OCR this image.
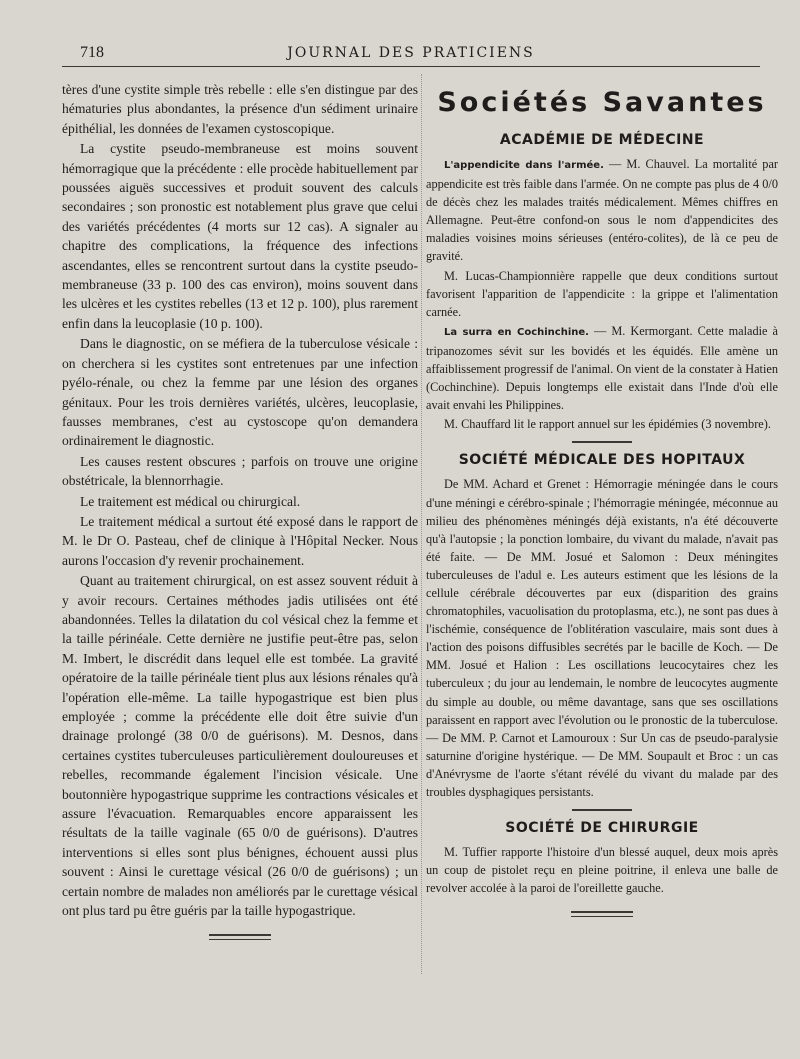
718	JOURNAL DES PRATICIENS

tères d'une cystite simple très rebelle : elle s'en distingue par des hématuries plus abondantes, la présence d'un sédiment urinaire épithélial, les données de l'examen cystoscopique.

La cystite pseudo-membraneuse est moins souvent hémorragique que la précédente : elle procède habituellement par poussées aiguës successives et produit souvent des calculs secondaires ; son pronostic est notablement plus grave que celui des variétés précédentes (4 morts sur 12 cas). A signaler au chapitre des complications, la fréquence des infections ascendantes, elles se rencontrent surtout dans la cystite pseudo-membraneuse (33 p. 100 des cas environ), moins souvent dans les ulcères et les cystites rebelles (13 et 12 p. 100), plus rarement enfin dans la leucoplasie (10 p. 100).

Dans le diagnostic, on se méfiera de la tuberculose vésicale : on cherchera si les cystites sont entretenues par une infection pyélo-rénale, ou chez la femme par une lésion des organes génitaux. Pour les trois dernières variétés, ulcères, leucoplasie, fausses membranes, c'est au cystoscope qu'on demandera ordinairement le diagnostic.

Les causes restent obscures ; parfois on trouve une origine obstétricale, la blennorrhagie.

Le traitement est médical ou chirurgical.

Le traitement médical a surtout été exposé dans le rapport de M. le Dr O. Pasteau, chef de clinique à l'Hôpital Necker. Nous aurons l'occasion d'y revenir prochainement.

Quant au traitement chirurgical, on est assez souvent réduit à y avoir recours. Certaines méthodes jadis utilisées ont été abandonnées. Telles la dilatation du col vésical chez la femme et la taille périnéale. Cette dernière ne justifie peut-être pas, selon M. Imbert, le discrédit dans lequel elle est tombée. La gravité opératoire de la taille périnéale tient plus aux lésions rénales qu'à l'opération elle-même. La taille hypogastrique est bien plus employée ; comme la précédente elle doit être suivie d'un drainage prolongé (38 0/0 de guérisons). M. Desnos, dans certaines cystites tuberculeuses particulièrement douloureuses et rebelles, recommande également l'incision vésicale. Une boutonnière hypogastrique supprime les contractions vésicales et assure l'évacuation. Remarquables encore apparaissent les résultats de la taille vaginale (65 0/0 de guérisons). D'autres interventions si elles sont plus bénignes, échouent aussi plus souvent : Ainsi le curettage vésical (26 0/0 de guérisons) ; un certain nombre de malades non améliorés par le curettage vésical ont plus tard pu être guéris par la taille hypogastrique.

Sociétés Savantes
ACADÉMIE DE MÉDECINE

L'appendicite dans l'armée. — M. Chauvel. La mortalité par appendicite est très faible dans l'armée. On ne compte pas plus de 4 0/0 de décès chez les malades traités médicalement. Mêmes chiffres en Allemagne. Peut-être confond-on sous le nom d'appendicites des maladies voisines moins sérieuses (entéro-colites), de là ce peu de gravité.

M. Lucas-Championnière rappelle que deux conditions surtout favorisent l'apparition de l'appendicite : la grippe et l'alimentation carnée.

La surra en Cochinchine. — M. Kermorgant. Cette maladie à tripanozomes sévit sur les bovidés et les équidés. Elle amène un affaiblissement progressif de l'animal. On vient de la constater à Hatien (Cochinchine). Depuis longtemps elle existait dans l'Inde d'où elle avait envahi les Philippines.

M. Chauffard lit le rapport annuel sur les épidémies (3 novembre).

SOCIÉTÉ MÉDICALE DES HOPITAUX

De MM. Achard et Grenet : Hémorragie méningée dans le cours d'une méningi e cérébro-spinale ; l'hémorragie méningée, méconnue au milieu des phénomènes méningés déjà existants, n'a été découverte qu'à l'autopsie ; la ponction lombaire, du vivant du malade, n'avait pas été faite. — De MM. Josué et Salomon : Deux méningites tuberculeuses de l'adul e. Les auteurs estiment que les lésions de la cellule cérébrale découvertes par eux (disparition des grains chromatophiles, vacuolisation du protoplasma, etc.), ne sont pas dues à l'ischémie, conséquence de l'oblitération vasculaire, mais sont dues à l'action des poisons diffusibles secrétés par le bacille de Koch. — De MM. Josué et Halion : Les oscillations leucocytaires chez les tuberculeux ; du jour au lendemain, le nombre de leucocytes augmente du simple au double, ou même davantage, sans que ses oscillations paraissent en rapport avec l'évolution ou le pronostic de la tuberculose. — De MM. P. Carnot et Lamouroux : Sur Un cas de pseudo-paralysie saturnine d'origine hystérique. — De MM. Soupault et Broc : un cas d'Anévrysme de l'aorte s'étant révélé du vivant du malade par des troubles dysphagiques persistants.

SOCIÉTÉ DE CHIRURGIE

M. Tuffier rapporte l'histoire d'un blessé auquel, deux mois après un coup de pistolet reçu en pleine poitrine, il enleva une balle de revolver accolée à la paroi de l'oreillette gauche.
